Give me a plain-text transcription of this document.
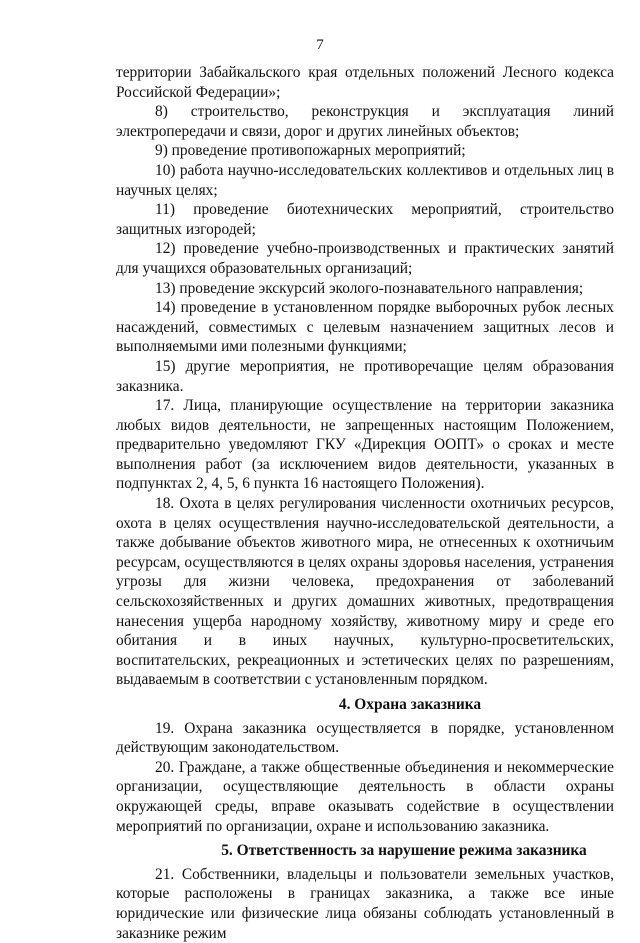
7

территории Забайкальского края отдельных положений Лесного кодекса Российской Федерации»;

8) строительство, реконструкция и эксплуатация линий электропередачи и связи, дорог и других линейных объектов;

9) проведение противопожарных мероприятий;

10) работа научно-исследовательских коллективов и отдельных лиц в научных целях;

11) проведение биотехнических мероприятий, строительство защитных изгородей;

12) проведение учебно-производственных и практических занятий для учащихся образовательных организаций;

13) проведение экскурсий эколого-познавательного направления;

14) проведение в установленном порядке выборочных рубок лесных насаждений, совместимых с целевым назначением защитных лесов и выполняемыми ими полезными функциями;

15) другие мероприятия, не противоречащие целям образования заказника.

17. Лица, планирующие осуществление на территории заказника любых видов деятельности, не запрещенных настоящим Положением, предварительно уведомляют ГКУ «Дирекция ООПТ» о сроках и месте выполнения работ (за исключением видов деятельности, указанных в подпунктах 2, 4, 5, 6 пункта 16 настоящего Положения).

18. Охота в целях регулирования численности охотничьих ресурсов, охота в целях осуществления научно-исследовательской деятельности, а также добывание объектов животного мира, не отнесенных к охотничьим ресурсам, осуществляются в целях охраны здоровья населения, устранения угрозы для жизни человека, предохранения от заболеваний сельскохозяйственных и других домашних животных, предотвращения нанесения ущерба народному хозяйству, животному миру и среде его обитания и в иных научных, культурно-просветительских, воспитательских, рекреационных и эстетических целях по разрешениям, выдаваемым в соответствии с установленным порядком.

4. Охрана заказника

19. Охрана заказника осуществляется в порядке, установленном действующим законодательством.

20. Граждане, а также общественные объединения и некоммерческие организации, осуществляющие деятельность в области охраны окружающей среды, вправе оказывать содействие в осуществлении мероприятий по организации, охране и использованию заказника.

5. Ответственность за нарушение режима заказника

21. Собственники, владельцы и пользователи земельных участков, которые расположены в границах заказника, а также все иные юридические или физические лица обязаны соблюдать установленный в заказнике режим
